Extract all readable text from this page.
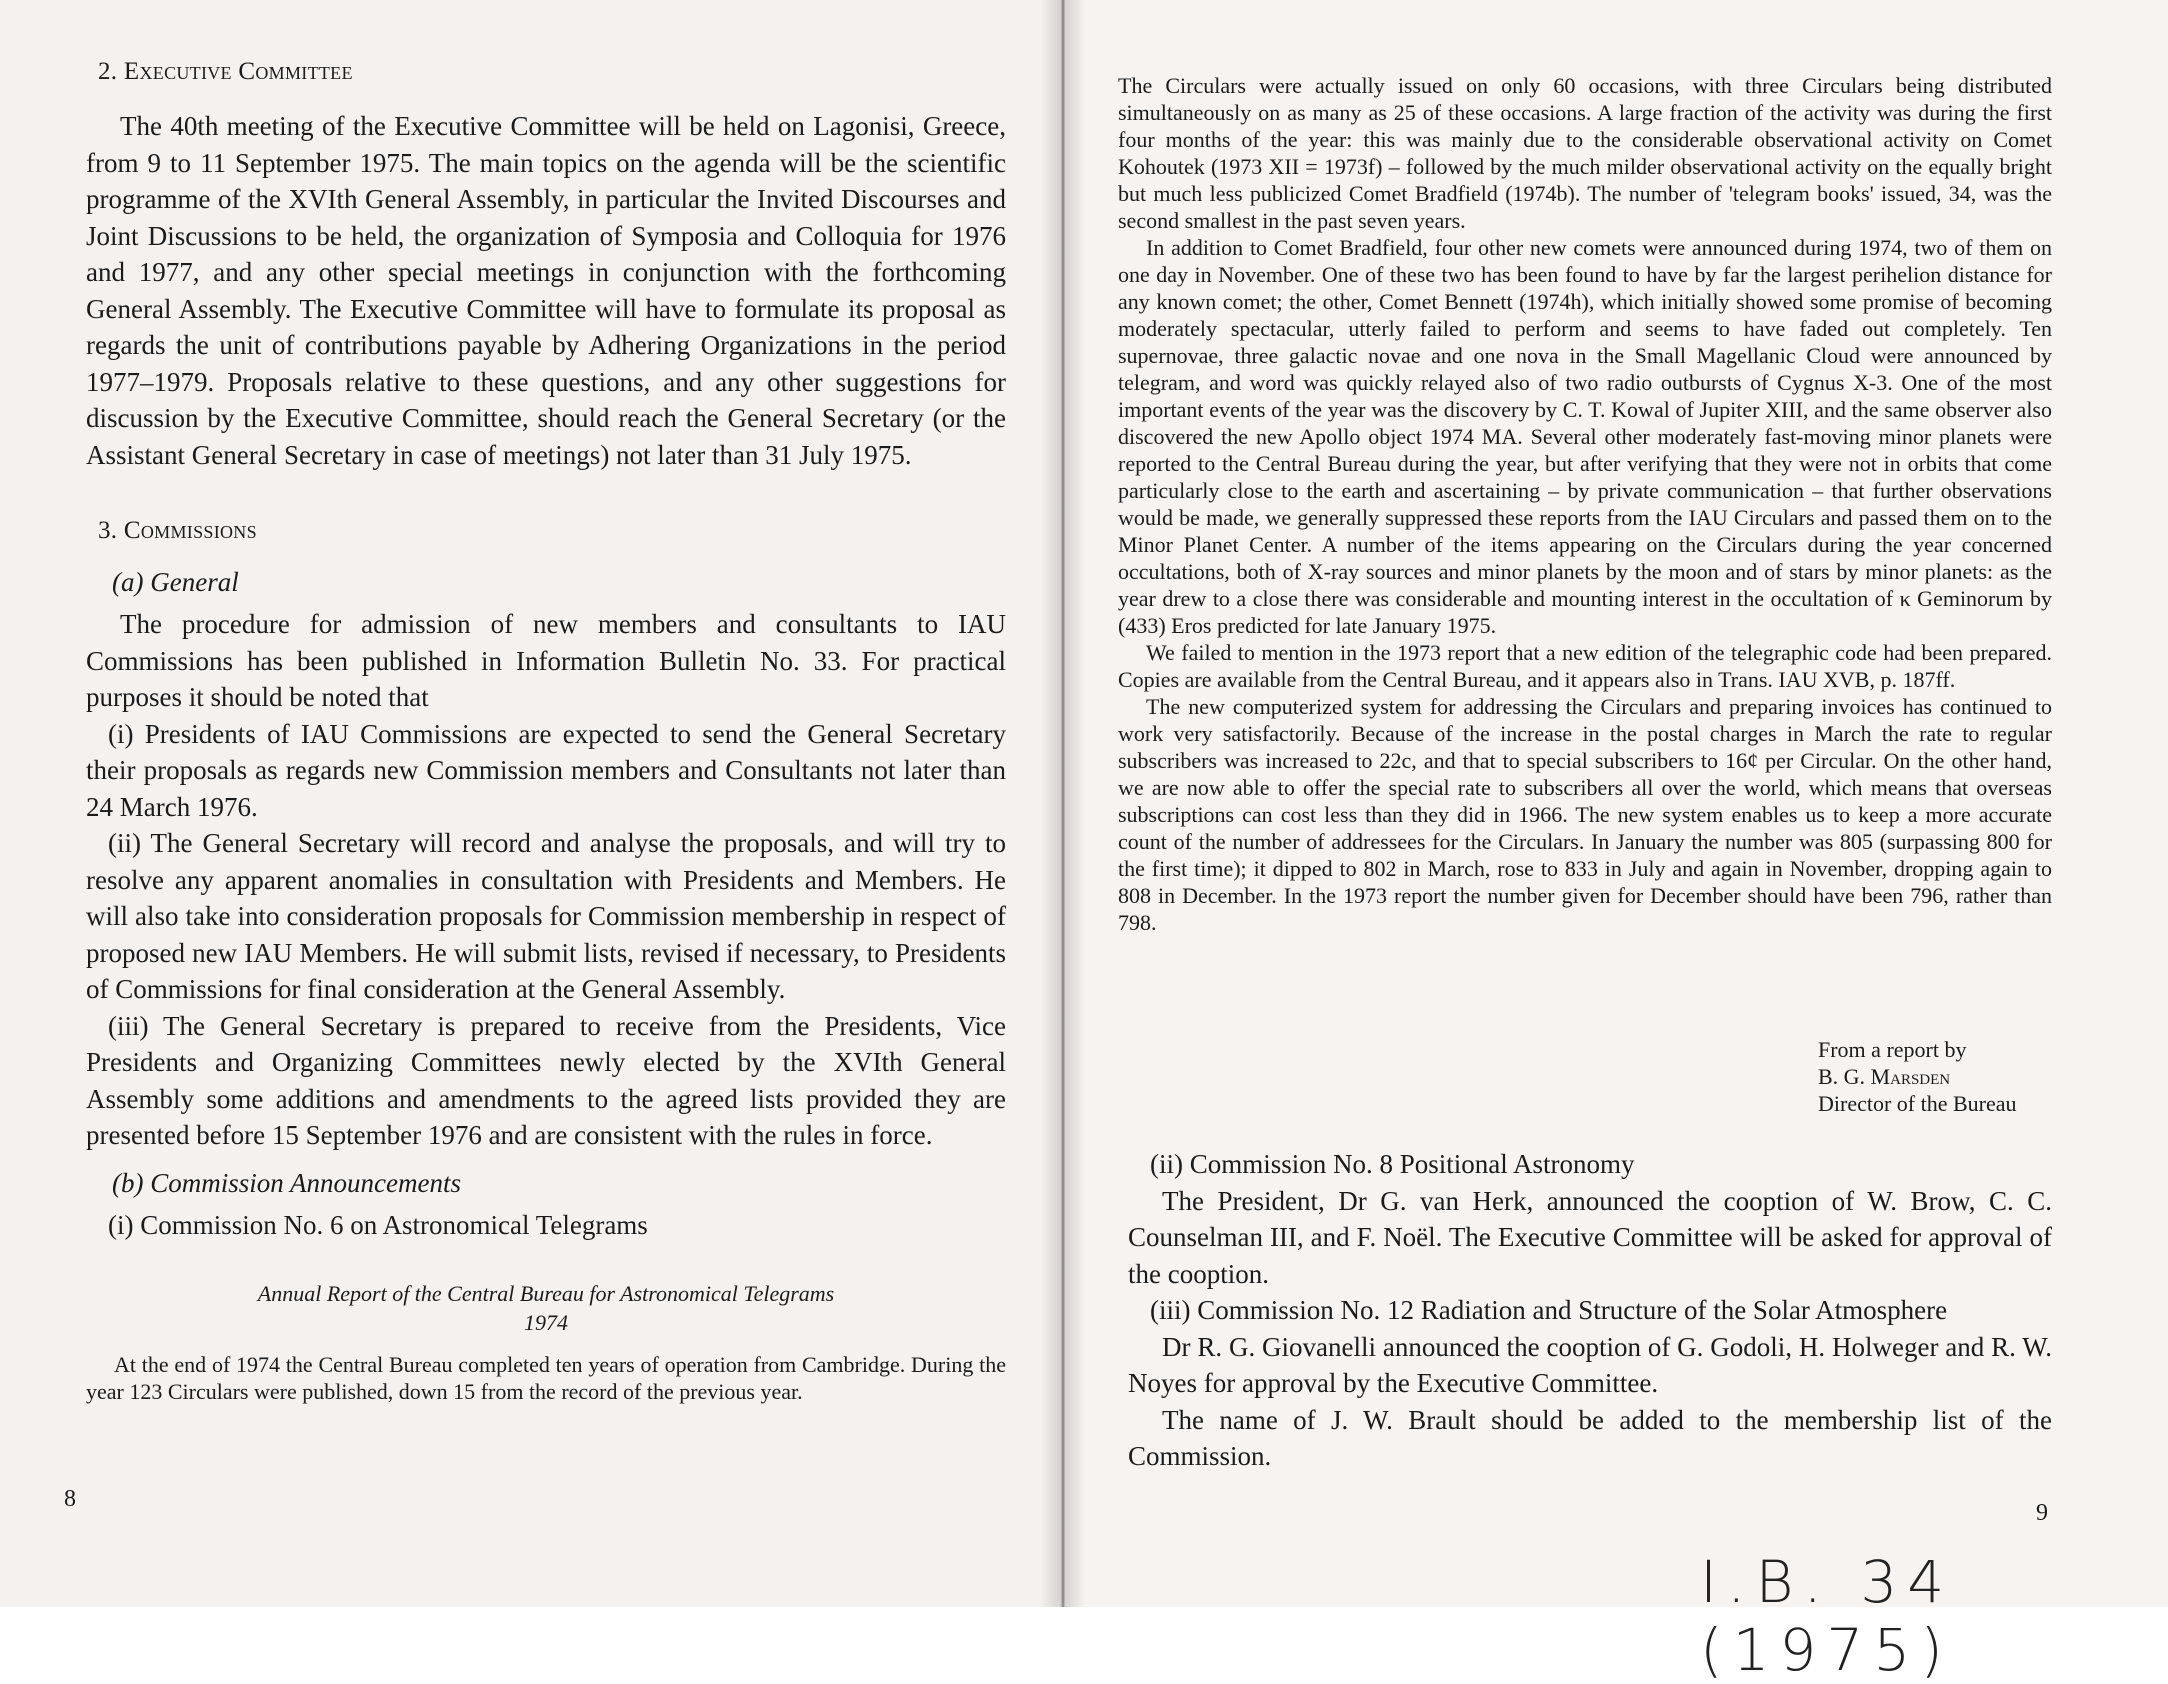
2. Executive Committee

The 40th meeting of the Executive Committee will be held on Lagonisi, Greece, from 9 to 11 September 1975. The main topics on the agenda will be the scientific programme of the XVIth General Assembly, in particular the Invited Discourses and Joint Discussions to be held, the organization of Symposia and Colloquia for 1976 and 1977, and any other special meetings in conjunction with the forthcoming General Assembly. The Executive Committee will have to formulate its proposal as regards the unit of contributions payable by Adhering Organizations in the period 1977–1979. Proposals relative to these questions, and any other suggestions for discussion by the Executive Committee, should reach the General Secretary (or the Assistant General Secretary in case of meetings) not later than 31 July 1975.

3. Commissions
(a) General

The procedure for admission of new members and consultants to IAU Commissions has been published in Information Bulletin No. 33. For practical purposes it should be noted that

(i) Presidents of IAU Commissions are expected to send the General Secretary their proposals as regards new Commission members and Consultants not later than 24 March 1976.

(ii) The General Secretary will record and analyse the proposals, and will try to resolve any apparent anomalies in consultation with Presidents and Members. He will also take into consideration proposals for Commission membership in respect of proposed new IAU Members. He will submit lists, revised if necessary, to Presidents of Commissions for final consideration at the General Assembly.

(iii) The General Secretary is prepared to receive from the Presidents, Vice Presidents and Organizing Committees newly elected by the XVIth General Assembly some additions and amendments to the agreed lists provided they are presented before 15 September 1976 and are consistent with the rules in force.

(b) Commission Announcements

(i) Commission No. 6 on Astronomical Telegrams

Annual Report of the Central Bureau for Astronomical Telegrams
1974

At the end of 1974 the Central Bureau completed ten years of operation from Cambridge. During the year 123 Circulars were published, down 15 from the record of the previous year.

8

The Circulars were actually issued on only 60 occasions, with three Circulars being distributed simultaneously on as many as 25 of these occasions. A large fraction of the activity was during the first four months of the year: this was mainly due to the considerable observational activity on Comet Kohoutek (1973 XII = 1973f) – followed by the much milder observational activity on the equally bright but much less publicized Comet Bradfield (1974b). The number of 'telegram books' issued, 34, was the second smallest in the past seven years.

In addition to Comet Bradfield, four other new comets were announced during 1974, two of them on one day in November. One of these two has been found to have by far the largest perihelion distance for any known comet; the other, Comet Bennett (1974h), which initially showed some promise of becoming moderately spectacular, utterly failed to perform and seems to have faded out completely. Ten supernovae, three galactic novae and one nova in the Small Magellanic Cloud were announced by telegram, and word was quickly relayed also of two radio outbursts of Cygnus X-3. One of the most important events of the year was the discovery by C. T. Kowal of Jupiter XIII, and the same observer also discovered the new Apollo object 1974 MA. Several other moderately fast-moving minor planets were reported to the Central Bureau during the year, but after verifying that they were not in orbits that come particularly close to the earth and ascertaining – by private communication – that further observations would be made, we generally suppressed these reports from the IAU Circulars and passed them on to the Minor Planet Center. A number of the items appearing on the Circulars during the year concerned occultations, both of X-ray sources and minor planets by the moon and of stars by minor planets: as the year drew to a close there was considerable and mounting interest in the occultation of κ Geminorum by (433) Eros predicted for late January 1975.

We failed to mention in the 1973 report that a new edition of the telegraphic code had been prepared. Copies are available from the Central Bureau, and it appears also in Trans. IAU XVB, p. 187ff.

The new computerized system for addressing the Circulars and preparing invoices has continued to work very satisfactorily. Because of the increase in the postal charges in March the rate to regular subscribers was increased to 22c, and that to special subscribers to 16¢ per Circular. On the other hand, we are now able to offer the special rate to subscribers all over the world, which means that overseas subscriptions can cost less than they did in 1966. The new system enables us to keep a more accurate count of the number of addressees for the Circulars. In January the number was 805 (surpassing 800 for the first time); it dipped to 802 in March, rose to 833 in July and again in November, dropping again to 808 in December. In the 1973 report the number given for December should have been 796, rather than 798.

From a report by
B. G. Marsden
Director of the Bureau

(ii) Commission No. 8 Positional Astronomy

The President, Dr G. van Herk, announced the cooption of W. Brow, C. C. Counselman III, and F. Noël. The Executive Committee will be asked for approval of the cooption.

(iii) Commission No. 12 Radiation and Structure of the Solar Atmosphere

Dr R. G. Giovanelli announced the cooption of G. Godoli, H. Holweger and R. W. Noyes for approval by the Executive Committee.

The name of J. W. Brault should be added to the membership list of the Commission.

9
I.B. 34 (1975)
